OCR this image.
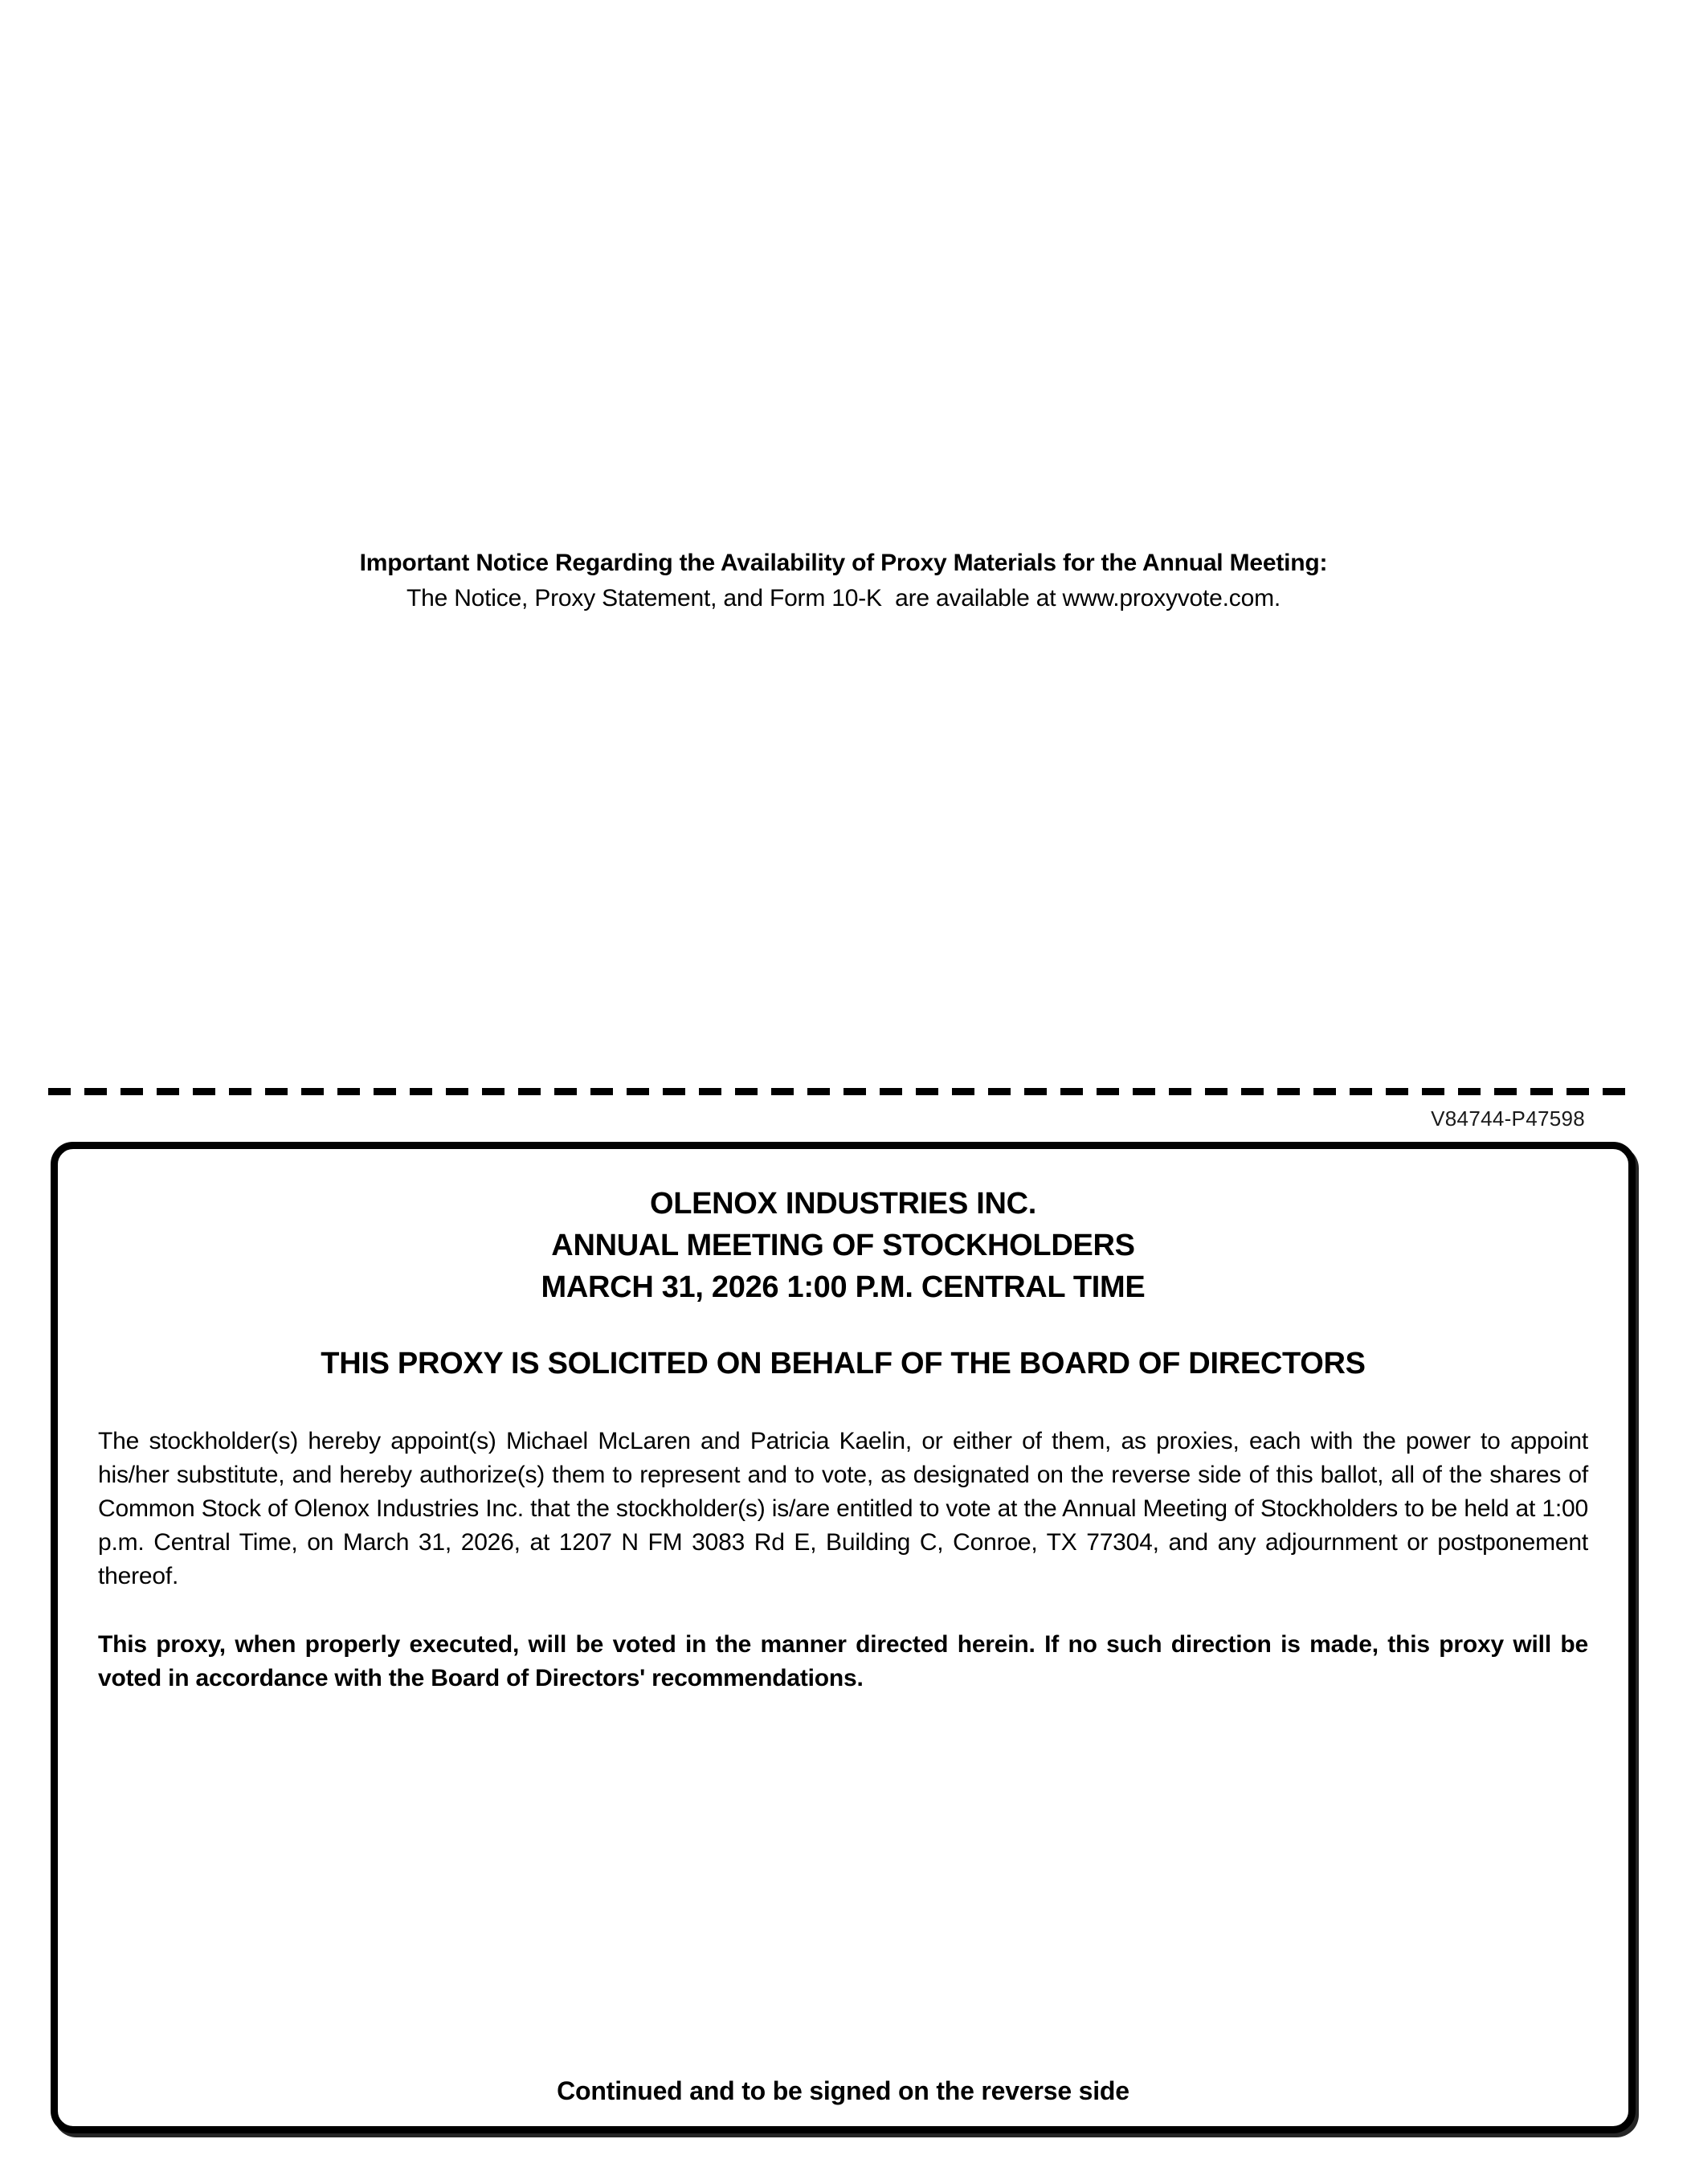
Important Notice Regarding the Availability of Proxy Materials for the Annual Meeting:
The Notice, Proxy Statement, and Form 10-K  are available at www.proxyvote.com.
V84744-P47598
OLENOX INDUSTRIES INC.
ANNUAL MEETING OF STOCKHOLDERS
MARCH 31, 2026 1:00 P.M. CENTRAL TIME
THIS PROXY IS SOLICITED ON BEHALF OF THE BOARD OF DIRECTORS
The stockholder(s) hereby appoint(s) Michael McLaren and Patricia Kaelin, or either of them, as proxies, each with the power to appoint his/her substitute, and hereby authorize(s) them to represent and to vote, as designated on the reverse side of this ballot, all of the shares of Common Stock of Olenox Industries Inc. that the stockholder(s) is/are entitled to vote at the Annual Meeting of Stockholders to be held at 1:00 p.m. Central Time, on March 31, 2026, at 1207 N FM 3083 Rd E, Building C, Conroe, TX 77304, and any adjournment or postponement thereof.
This proxy, when properly executed, will be voted in the manner directed herein. If no such direction is made, this proxy will be voted in accordance with the Board of Directors' recommendations.
Continued and to be signed on the reverse side
